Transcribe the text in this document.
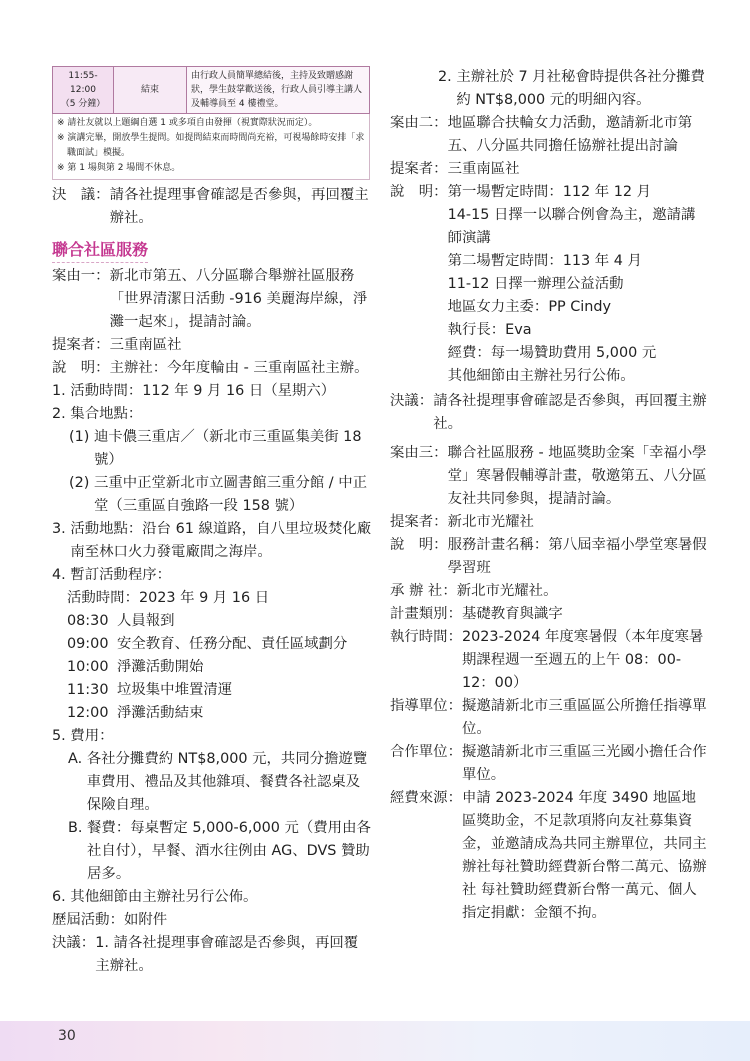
11:55-12:00
（5 分鐘）
	結束	由行政人員簡單總結後，主持及致贈感謝狀，學生鼓掌歡送後，行政人員引導主講人及輔導員至 4 樓禮堂。
※ 請社友就以上題綱自選 1 或多項自由發揮（視實際狀況而定）。
※ 演講完畢，開放學生提問。如提問結束而時間尚充裕，可視場餘時安排「求職面試」模擬。
※ 第 1 場與第 2 場間不休息。
決　議： 請各社提理事會確認是否參與，再回覆主辦社。
聯合社區服務
案由一： 新北市第五、八分區聯合舉辦社區服務「世界清潔日活動 -916 美麗海岸線，淨灘一起來」，提請討論。
提案者： 三重南區社
說　明： 主辦社：今年度輪由 - 三重南區社主辦。
1. 活動時間：112 年 9 月 16 日（星期六）
2. 集合地點：
(1) 迪卡儂三重店／（新北市三重區集美街 18 號）
(2) 三重中正堂新北市立圖書館三重分館 / 中正堂（三重區自強路一段 158 號）
3. 活動地點：沿台 61 線道路，自八里垃圾焚化廠南至林口火力發電廠間之海岸。
4. 暫訂活動程序：
活動時間：2023 年 9 月 16 日
08:30 人員報到
09:00 安全教育、任務分配、責任區域劃分
10:00 淨灘活動開始
11:30 垃圾集中堆置清運
12:00 淨灘活動結束
5. 費用：
A. 各社分攤費約 NT$8,000 元，共同分擔遊覽車費用、禮品及其他雜項、餐費各社認桌及保險自理。
B. 餐費：每桌暫定 5,000-6,000 元（費用由各社自付），早餐、酒水往例由 AG、DVS 贊助居多。
6. 其他細節由主辦社另行公佈。
歷屆活動：如附件
決議： 1. 請各社提理事會確認是否參與，再回覆主辦社。
2. 主辦社於 7 月社秘會時提供各社分攤費約 NT$8,000 元的明細內容。
案由二： 地區聯合扶輪女力活動，邀請新北市第五、八分區共同擔任協辦社提出討論
提案者： 三重南區社
說　明： 第一場暫定時間：112 年 12 月
14-15 日擇一以聯合例會為主，邀請講師演講
第二場暫定時間：113 年 4 月
11-12 日擇一辦理公益活動
地區女力主委：PP Cindy
執行長：Eva
經費：每一場贊助費用 5,000 元
其他細節由主辦社另行公佈。
決議： 請各社提理事會確認是否參與，再回覆主辦社。
案由三： 聯合社區服務 - 地區獎助金案「幸福小學堂」寒暑假輔導計畫，敬邀第五、八分區友社共同參與，提請討論。
提案者： 新北市光耀社
說　明： 服務計畫名稱：第八屆幸福小學堂寒暑假學習班
承 辦 社： 新北市光耀社。
計畫類別： 基礎教育與識字
執行時間： 2023-2024 年度寒暑假（本年度寒暑期課程週一至週五的上午 08：00-12：00）
指導單位： 擬邀請新北市三重區區公所擔任指導單位。
合作單位： 擬邀請新北市三重區三光國小擔任合作單位。
經費來源： 申請 2023-2024 年度 3490 地區地區獎助金，不足款項將向友社募集資金，並邀請成為共同主辦單位，共同主辦社每社贊助經費新台幣二萬元、協辦社 每社贊助經費新台幣一萬元、個人指定捐獻：金額不拘。
30
